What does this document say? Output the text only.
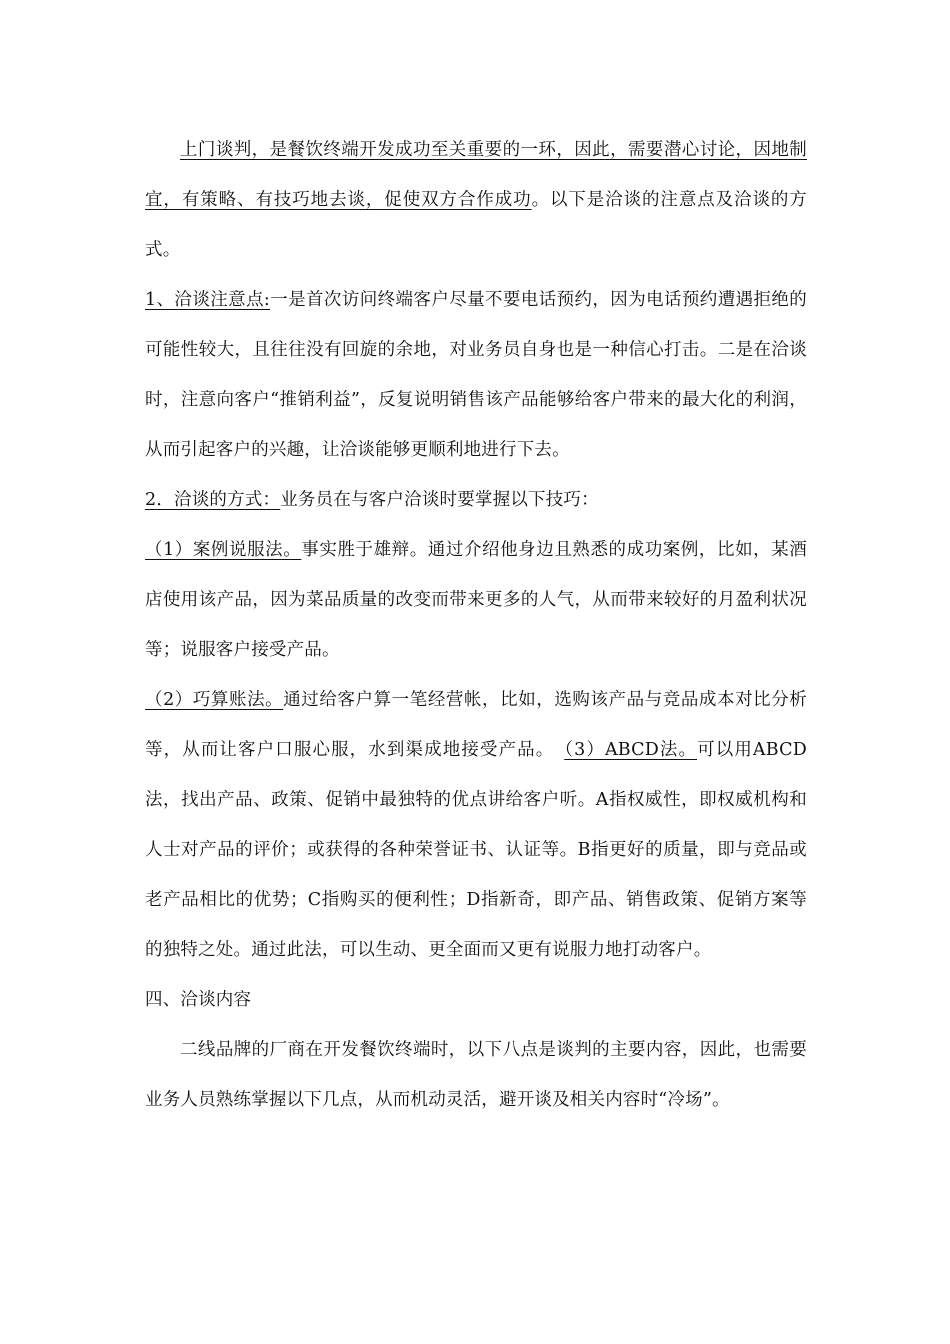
上门谈判，是餐饮终端开发成功至关重要的一环，因此，需要潜心讨论，因地制宜，有策略、有技巧地去谈，促使双方合作成功。以下是洽谈的注意点及洽谈的方式。

1、洽谈注意点:一是首次访问终端客户尽量不要电话预约，因为电话预约遭遇拒绝的可能性较大，且往往没有回旋的余地，对业务员自身也是一种信心打击。二是在洽谈时，注意向客户“推销利益”，反复说明销售该产品能够给客户带来的最大化的利润，从而引起客户的兴趣，让洽谈能够更顺利地进行下去。

2．洽谈的方式：业务员在与客户洽谈时要掌握以下技巧：

（1）案例说服法。事实胜于雄辩。通过介绍他身边且熟悉的成功案例，比如，某酒店使用该产品，因为菜品质量的改变而带来更多的人气，从而带来较好的月盈利状况等；说服客户接受产品。

（2）巧算账法。通过给客户算一笔经营帐，比如，选购该产品与竞品成本对比分析等，从而让客户口服心服，水到渠成地接受产品。　（3）ABCD法。可以用ABCD法，找出产品、政策、促销中最独特的优点讲给客户听。A指权威性，即权威机构和人士对产品的评价；或获得的各种荣誉证书、认证等。B指更好的质量，即与竞品或老产品相比的优势；C指购买的便利性；D指新奇，即产品、销售政策、促销方案等的独特之处。通过此法，可以生动、更全面而又更有说服力地打动客户。

四、洽谈内容

二线品牌的厂商在开发餐饮终端时，以下八点是谈判的主要内容，因此，也需要业务人员熟练掌握以下几点，从而机动灵活，避开谈及相关内容时“冷场”。
